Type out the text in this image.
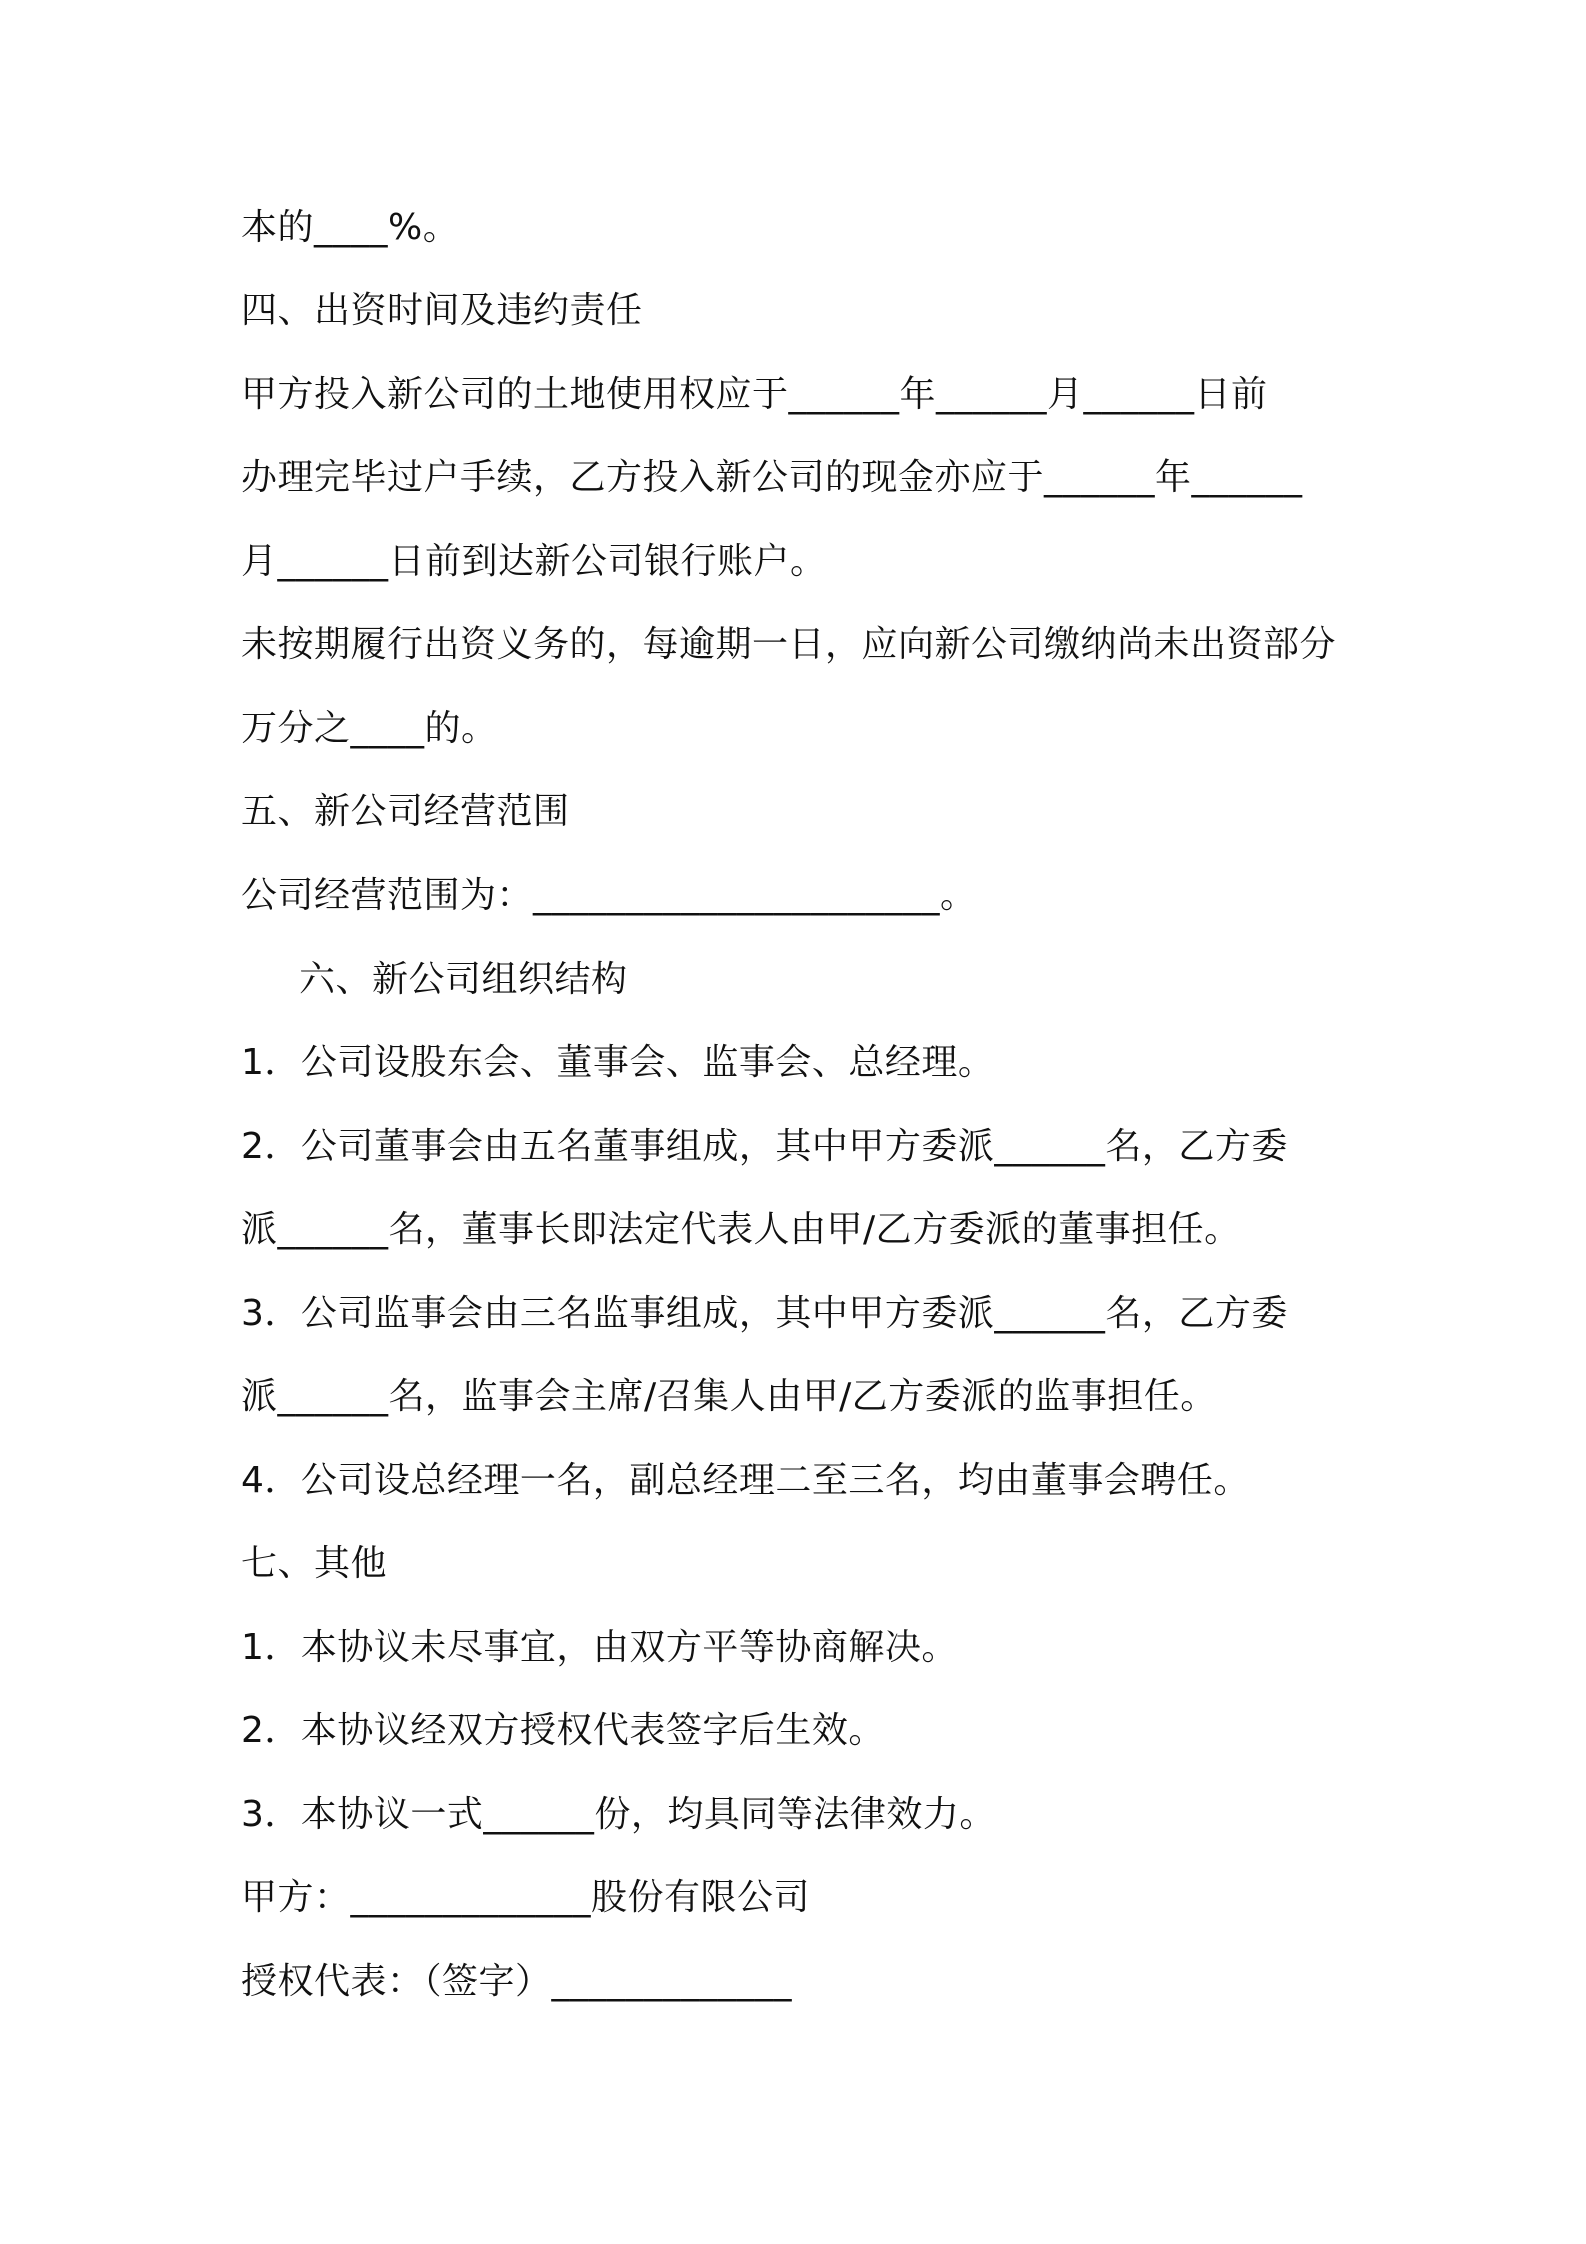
本的____%。

四、出资时间及违约责任

甲方投入新公司的土地使用权应于______年______月______日前

办理完毕过户手续，乙方投入新公司的现金亦应于______年______

月______日前到达新公司银行账户。

未按期履行出资义务的，每逾期一日，应向新公司缴纳尚未出资部分

万分之____的。

五、新公司经营范围

公司经营范围为：______________________。

六、新公司组织结构

1．公司设股东会、董事会、监事会、总经理。

2．公司董事会由五名董事组成，其中甲方委派______名，乙方委

派______名，董事长即法定代表人由甲/乙方委派的董事担任。

3．公司监事会由三名监事组成，其中甲方委派______名，乙方委

派______名，监事会主席/召集人由甲/乙方委派的监事担任。

4．公司设总经理一名，副总经理二至三名，均由董事会聘任。

七、其他

1．本协议未尽事宜，由双方平等协商解决。

2．本协议经双方授权代表签字后生效。

3．本协议一式______份，均具同等法律效力。

甲方：_____________股份有限公司

授权代表：（签字）_____________
